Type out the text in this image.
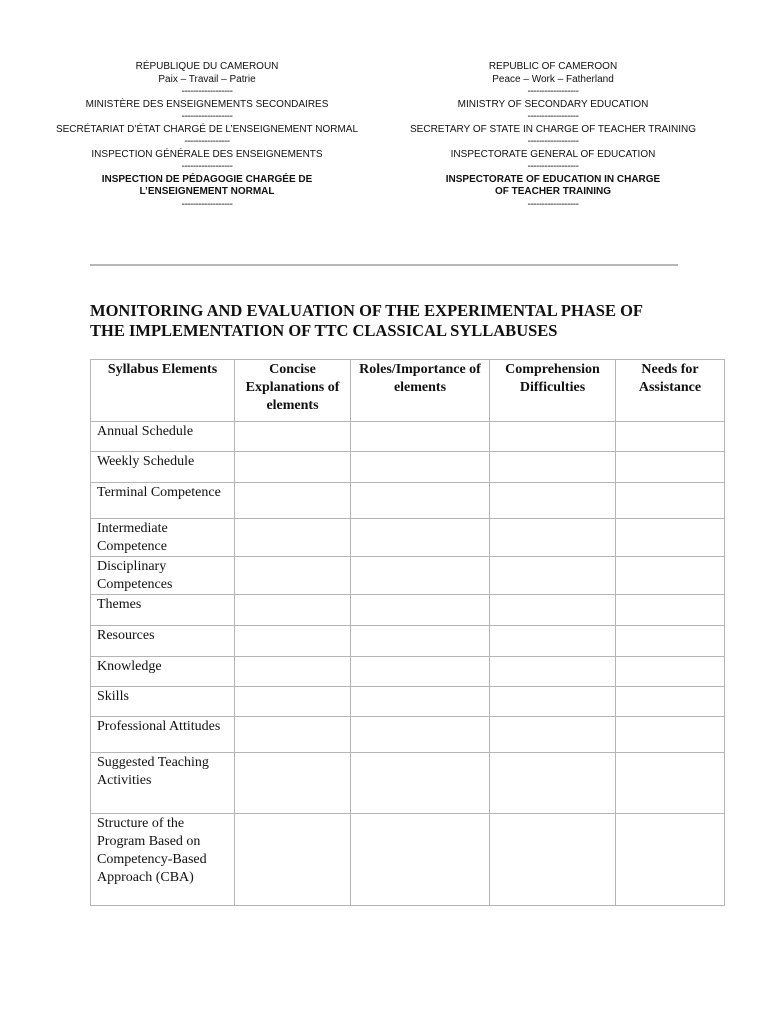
RÉPUBLIQUE DU CAMEROUN
Paix – Travail – Patrie
------------------
MINISTÈRE DES ENSEIGNEMENTS SECONDAIRES
------------------
SECRÉTARIAT D’ÉTAT CHARGÉ DE L’ENSEIGNEMENT NORMAL
----------------
INSPECTION GÉNÉRALE DES ENSEIGNEMENTS
------------------
INSPECTION DE PÉDAGOGIE CHARGÉE DE
L’ENSEIGNEMENT NORMAL
------------------
REPUBLIC OF CAMEROON
Peace – Work – Fatherland
------------------
MINISTRY OF SECONDARY EDUCATION
------------------
SECRETARY OF STATE IN CHARGE OF TEACHER TRAINING
------------------
INSPECTORATE GENERAL OF EDUCATION
------------------
INSPECTORATE OF EDUCATION IN CHARGE
OF TEACHER TRAINING
------------------
MONITORING AND EVALUATION OF THE EXPERIMENTAL PHASE OF
THE IMPLEMENTATION OF TTC CLASSICAL SYLLABUSES
Syllabus Elements	Concise Explanations of elements	Roles/Importance of elements	Comprehension Difficulties	Needs for Assistance
Annual Schedule				
Weekly Schedule				
Terminal Competence				
Intermediate Competence				
Disciplinary Competences				
Themes				
Resources				
Knowledge				
Skills				
Professional Attitudes				
Suggested Teaching Activities				
Structure of the Program Based on Competency-Based Approach (CBA)				
